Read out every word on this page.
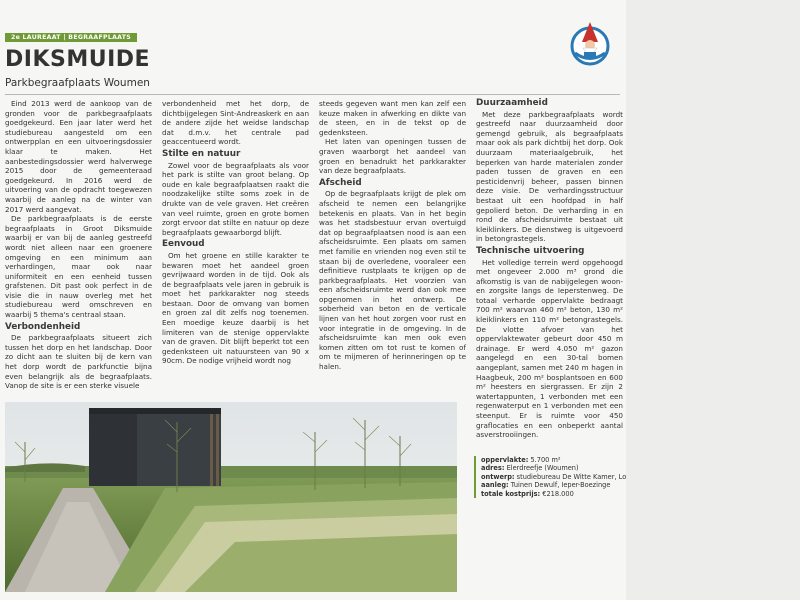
2e LAUREAAT | BEGRAAFPLAATS
DIKSMUIDE
Parkbegraafplaats Woumen

Eind 2013 werd de aankoop van de gronden voor de parkbegraafplaats goedgekeurd. Een jaar later werd het studiebureau aangesteld om een ontwerpplan en een uitvoeringsdossier klaar te maken. Het aanbestedingsdossier werd halverwege 2015 door de gemeenteraad goedgekeurd. In 2016 werd de uitvoering van de opdracht toegewezen waarbij de aanleg na de winter van 2017 werd aangevat.

De parkbegraafplaats is de eerste begraafplaats in Groot Diksmuide waarbij er van bij de aanleg gestreefd wordt niet alleen naar een groenere omgeving en een minimum aan verhardingen, maar ook naar uniformiteit en een eenheid tussen grafstenen. Dit past ook perfect in de visie die in nauw overleg met het studiebureau werd omschreven en waarbij 5 thema's centraal staan.

Verbondenheid

De parkbegraafplaats situeert zich tussen het dorp en het landschap. Door zo dicht aan te sluiten bij de kern van het dorp wordt de parkfunctie bijna even belangrijk als de begraafplaats. Vanop de site is er een sterke visuele

verbondenheid met het dorp, de dichtbijgelegen Sint-Andreaskerk en aan de andere zijde het weidse landschap dat d.m.v. het centrale pad geaccentueerd wordt.

Stilte en natuur

Zowel voor de begraafplaats als voor het park is stilte van groot belang. Op oude en kale begraafplaatsen raakt die noodzakelijke stilte soms zoek in de drukte van de vele graven. Het creëren van veel ruimte, groen en grote bomen zorgt ervoor dat stilte en natuur op deze begraafplaats gewaarborgd blijft.

Eenvoud

Om het groene en stille karakter te bewaren moet het aandeel groen gevrijwaard worden in de tijd. Ook als de begraafplaats vele jaren in gebruik is moet het parkkarakter nog steeds bestaan. Door de omvang van bomen en groen zal dit zelfs nog toenemen. Een moedige keuze daarbij is het limiteren van de stenige oppervlakte van de graven. Dit blijft beperkt tot een gedenksteen uit natuursteen van 90 x 90cm. De nodige vrijheid wordt nog

steeds gegeven want men kan zelf een keuze maken in afwerking en dikte van de steen, en in de tekst op de gedenksteen.

Het laten van openingen tussen de graven waarborgt het aandeel van groen en benadrukt het parkkarakter van deze begraafplaats.

Afscheid

Op de begraafplaats krijgt de plek om afscheid te nemen een belangrijke betekenis en plaats. Van in het begin was het stadsbestuur ervan overtuigd dat op begraafplaatsen nood is aan een afscheidsruimte. Een plaats om samen met familie en vrienden nog even stil te staan bij de overledene, vooraleer een definitieve rustplaats te krijgen op de parkbegraafplaats. Het voorzien van een afscheidsruimte werd dan ook mee opgenomen in het ontwerp. De soberheid van beton en de verticale lijnen van het hout zorgen voor rust en voor integratie in de omgeving. In de afscheidsruimte kan men ook even komen zitten om tot rust te komen of om te mijmeren of herinneringen op te halen.

Duurzaamheid

Met deze parkbegraafplaats wordt gestreefd naar duurzaamheid door gemengd gebruik, als begraafplaats maar ook als park dichtbij het dorp. Ook duurzaam materiaalgebruik, het beperken van harde materialen zonder paden tussen de graven en een pesticidenvrij beheer, passen binnen deze visie. De verhardingsstructuur bestaat uit een hoofdpad in half gepolierd beton. De verharding in en rond de afscheidsruimte bestaat uit kleiklinkers. De dienstweg is uitgevoerd in betongrastegels.

Technische uitvoering

Het volledige terrein werd opgehoogd met ongeveer 2.000 m³ grond die afkomstig is van de nabijgelegen woon- en zorgsite langs de Ieperstenweg. De totaal verharde oppervlakte bedraagt 700 m² waarvan 460 m² beton, 130 m² kleiklinkers en 110 m² betongrastegels. De vlotte afvoer van het oppervlaktewater gebeurt door 450 m drainage. Er werd 4.050 m² gazon aangelegd en een 30-tal bomen aangeplant, samen met 240 m hagen in Haagbeuk, 200 m² bosplantsoen en 600 m² heesters en siergrassen. Er zijn 2 watertappunten, 1 verbonden met een regenwaterput en 1 verbonden met een steenput. Er is ruimte voor 450 graflocaties en een onbeperkt aantal asverstrooiingen.

oppervlakte: 5.700 m²
adres: Elerdreefje (Woumen)
ontwerp: studiebureau De Witte Kamer, Lo
aanleg: Tuinen Dewulf, Ieper-Boezinge
totale kostprijs: €218.000
